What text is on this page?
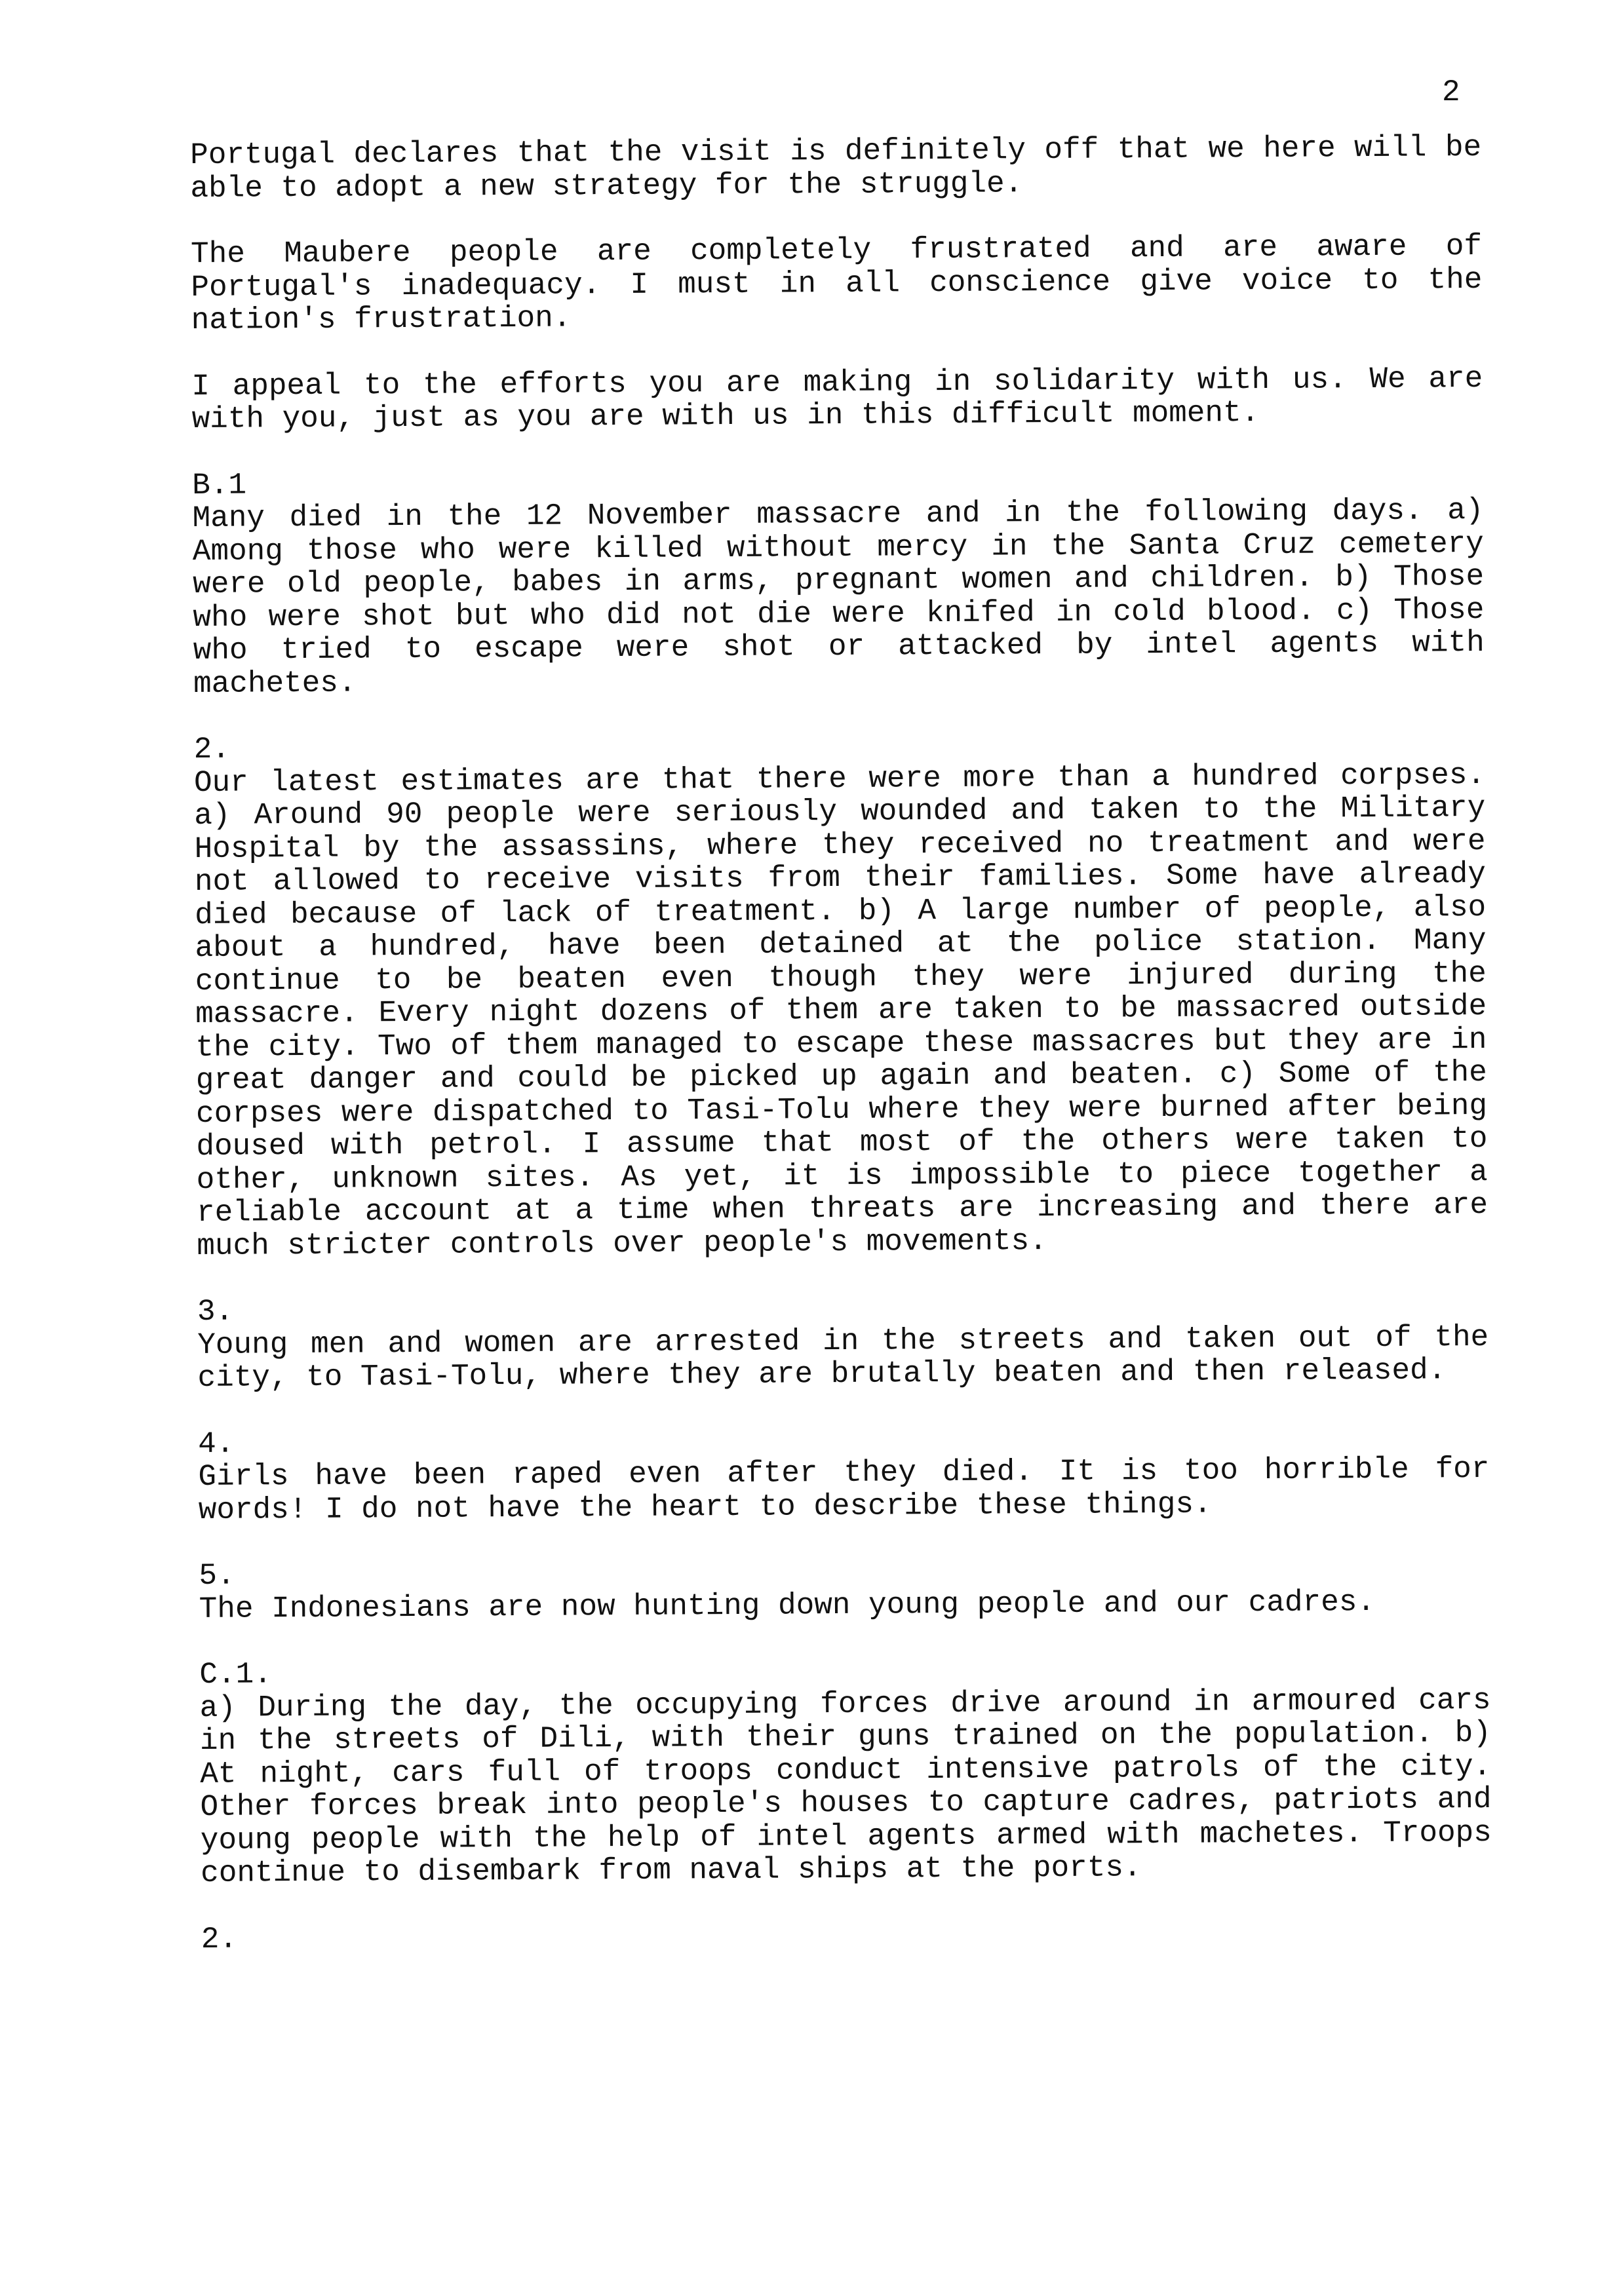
2

Portugal declares that the visit is definitely off that we here will be able to adopt a new strategy for the struggle.

The Maubere people are completely frustrated and are aware of Portugal's inadequacy. I must in all conscience give voice to the nation's frustration.

I appeal to the efforts you are making in solidarity with us. We are with you, just as you are with us in this difficult moment.

B.1

Many died in the 12 November massacre and in the following days. a) Among those who were killed without mercy in the Santa Cruz cemetery were old people, babes in arms, pregnant women and children. b) Those who were shot but who did not die were knifed in cold blood. c) Those who tried to escape were shot or attacked by intel agents with machetes.

2.

Our latest estimates are that there were more than a hundred corpses. a) Around 90 people were seriously wounded and taken to the Military Hospital by the assassins, where they received no treatment and were not allowed to receive visits from their families. Some have already died because of lack of treatment. b) A large number of people, also about a hundred, have been detained at the police station. Many continue to be beaten even though they were injured during the massacre. Every night dozens of them are taken to be massacred outside the city. Two of them managed to escape these massacres but they are in great danger and could be picked up again and beaten. c) Some of the corpses were dispatched to Tasi-Tolu where they were burned after being doused with petrol. I assume that most of the others were taken to other, unknown sites. As yet, it is impossible to piece together a reliable account at a time when threats are increasing and there are much stricter controls over people's movements.

3.

Young men and women are arrested in the streets and taken out of the city, to Tasi-Tolu, where they are brutally beaten and then released.

4.

Girls have been raped even after they died. It is too horrible for words! I do not have the heart to describe these things.

5.

The Indonesians are now hunting down young people and our cadres.

C.1.

a) During the day, the occupying forces drive around in armoured cars in the streets of Dili, with their guns trained on the population. b) At night, cars full of troops conduct intensive patrols of the city. Other forces break into people's houses to capture cadres, patriots and young people with the help of intel agents armed with machetes. Troops continue to disembark from naval ships at the ports.

2.
